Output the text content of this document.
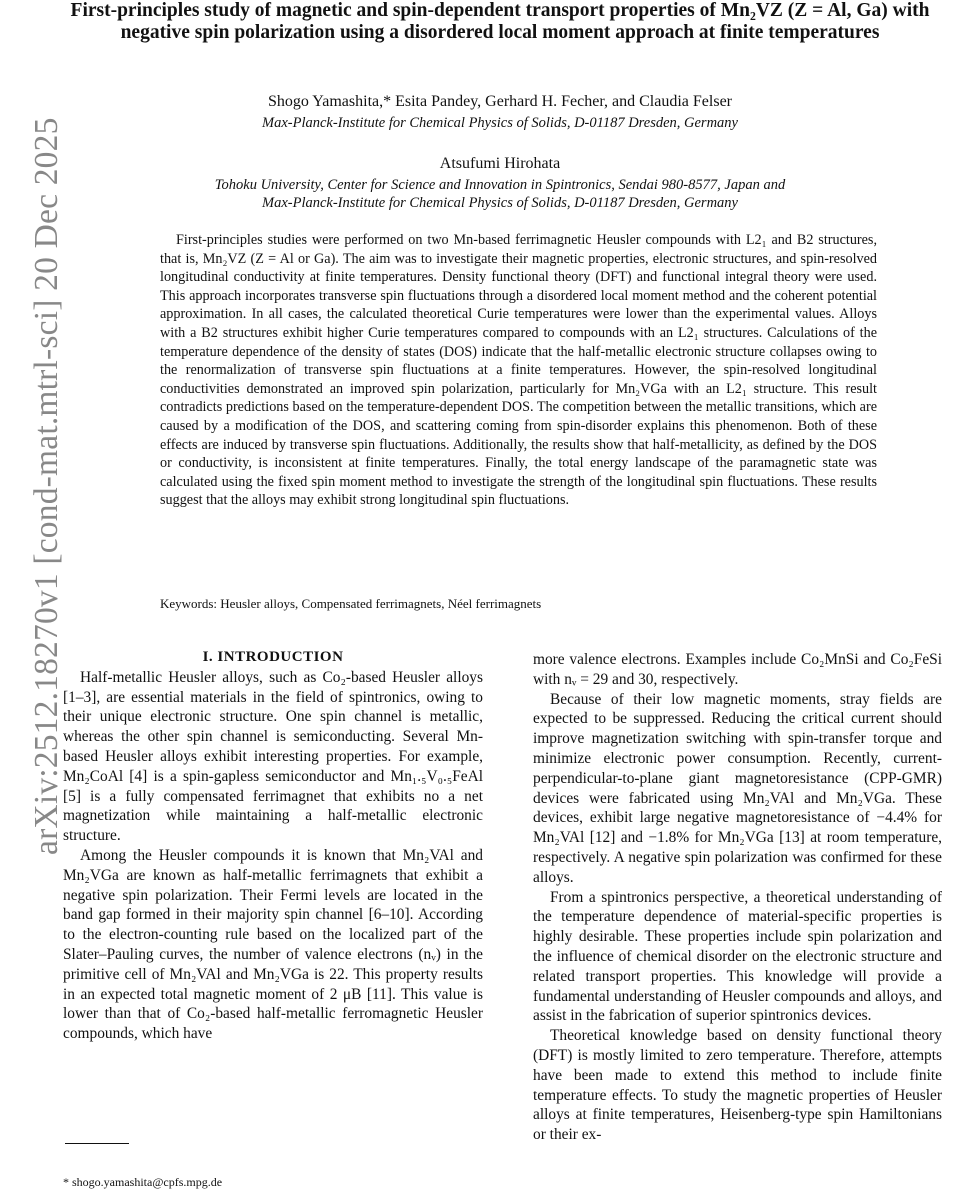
arXiv:2512.18270v1 [cond-mat.mtrl-sci] 20 Dec 2025
First-principles study of magnetic and spin-dependent transport properties of Mn₂VZ (Z = Al, Ga) with negative spin polarization using a disordered local moment approach at finite temperatures
Shogo Yamashita,* Esita Pandey, Gerhard H. Fecher, and Claudia Felser
Max-Planck-Institute for Chemical Physics of Solids, D-01187 Dresden, Germany
Atsufumi Hirohata
Tohoku University, Center for Science and Innovation in Spintronics, Sendai 980-8577, Japan and
Max-Planck-Institute for Chemical Physics of Solids, D-01187 Dresden, Germany
First-principles studies were performed on two Mn-based ferrimagnetic Heusler compounds with L2₁ and B2 structures, that is, Mn₂VZ (Z = Al or Ga). The aim was to investigate their magnetic properties, electronic structures, and spin-resolved longitudinal conductivity at finite temperatures. Density functional theory (DFT) and functional integral theory were used. This approach incorporates transverse spin fluctuations through a disordered local moment method and the coherent potential approximation. In all cases, the calculated theoretical Curie temperatures were lower than the experimental values. Alloys with a B2 structures exhibit higher Curie temperatures compared to compounds with an L2₁ structures. Calculations of the temperature dependence of the density of states (DOS) indicate that the half-metallic electronic structure collapses owing to the renormalization of transverse spin fluctuations at a finite temperatures. However, the spin-resolved longitudinal conductivities demonstrated an improved spin polarization, particularly for Mn₂VGa with an L2₁ structure. This result contradicts predictions based on the temperature-dependent DOS. The competition between the metallic transitions, which are caused by a modification of the DOS, and scattering coming from spin-disorder explains this phenomenon. Both of these effects are induced by transverse spin fluctuations. Additionally, the results show that half-metallicity, as defined by the DOS or conductivity, is inconsistent at finite temperatures. Finally, the total energy landscape of the paramagnetic state was calculated using the fixed spin moment method to investigate the strength of the longitudinal spin fluctuations. These results suggest that the alloys may exhibit strong longitudinal spin fluctuations.
Keywords: Heusler alloys, Compensated ferrimagnets, Néel ferrimagnets

I. INTRODUCTION

Half-metallic Heusler alloys, such as Co₂-based Heusler alloys [1–3], are essential materials in the field of spintronics, owing to their unique electronic structure. One spin channel is metallic, whereas the other spin channel is semiconducting. Several Mn-based Heusler alloys exhibit interesting properties. For example, Mn₂CoAl [4] is a spin-gapless semiconductor and Mn₁.₅V₀.₅FeAl [5] is a fully compensated ferrimagnet that exhibits no a net magnetization while maintaining a half-metallic electronic structure.

Among the Heusler compounds it is known that Mn₂VAl and Mn₂VGa are known as half-metallic ferrimagnets that exhibit a negative spin polarization. Their Fermi levels are located in the band gap formed in their majority spin channel [6–10]. According to the electron-counting rule based on the localized part of the Slater–Pauling curves, the number of valence electrons (nᵥ) in the primitive cell of Mn₂VAl and Mn₂VGa is 22. This property results in an expected total magnetic moment of 2 μB [11]. This value is lower than that of Co₂-based half-metallic ferromagnetic Heusler compounds, which have

more valence electrons. Examples include Co₂MnSi and Co₂FeSi with nᵥ = 29 and 30, respectively.

Because of their low magnetic moments, stray fields are expected to be suppressed. Reducing the critical current should improve magnetization switching with spin-transfer torque and minimize electronic power consumption. Recently, current-perpendicular-to-plane giant magnetoresistance (CPP-GMR) devices were fabricated using Mn₂VAl and Mn₂VGa. These devices, exhibit large negative magnetoresistance of −4.4% for Mn₂VAl [12] and −1.8% for Mn₂VGa [13] at room temperature, respectively. A negative spin polarization was confirmed for these alloys.

From a spintronics perspective, a theoretical understanding of the temperature dependence of material-specific properties is highly desirable. These properties include spin polarization and the influence of chemical disorder on the electronic structure and related transport properties. This knowledge will provide a fundamental understanding of Heusler compounds and alloys, and assist in the fabrication of superior spintronics devices.

Theoretical knowledge based on density functional theory (DFT) is mostly limited to zero temperature. Therefore, attempts have been made to extend this method to include finite temperature effects. To study the magnetic properties of Heusler alloys at finite temperatures, Heisenberg-type spin Hamiltonians or their ex-

* shogo.yamashita@cpfs.mpg.de
